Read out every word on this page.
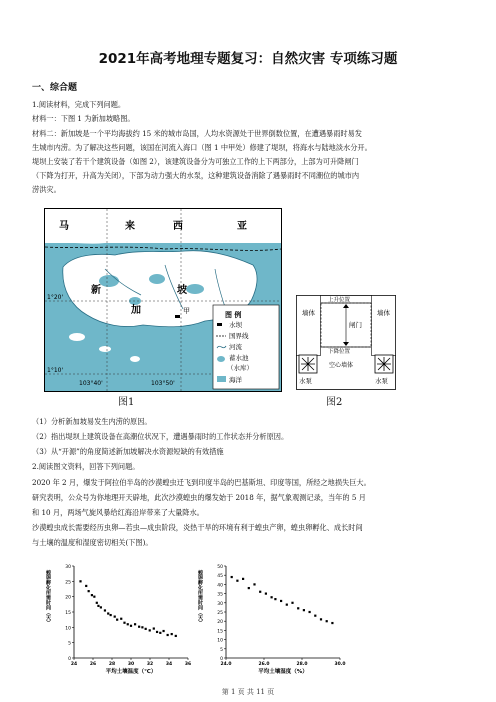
2021年高考地理专题复习：自然灾害 专项练习题
一、综合题
1.阅读材料，完成下列问题。
材料一：下图 1 为新加坡略图。
材料二：新加坡是一个平均海拔约 15 米的城市岛国，人均水资源处于世界倒数位置，在遭遇暴雨时易发
生城市内涝。为了解决这些问题，该国在河流入海口（图 1 中甲处）修建了堤坝，将海水与陆地淡水分开。
堤坝上安装了若干个建筑设备（如图 2），该建筑设备分为可独立工作的上下两部分，上部为可升降闸门
（下降为打开，升高为关闭），下部为动力强大的水泵，这种建筑设备消除了遇暴雨时不同潮位的城市内
涝洪灾。
马	来	西	亚
新
加
坡
甲
1°20'
1°10'
103°40'	103°50'
图 例
水坝
国界线
河流
蓄水池
（水库）
海洋
图1
墙体	墙体
上升位置
闸门
下降位置
空心墙体
水泵	水泵
图2
（1）分析新加坡易发生内涝的原因。
（2）指出堤坝上建筑设备在高潮位状况下，遭遇暴雨时的工作状态并分析原因。
（3）从“开源”的角度简述新加坡解决水资源短缺的有效措施
2.阅读图文资料，回答下列问题。
2020 年 2 月，爆发于阿拉伯半岛的沙漠蝗虫迁飞到印度半岛的巴基斯坦、印度等国，所经之地损失巨大。
研究表明，公众号为你地理开天辟地，此次沙漠蝗虫的爆发始于 2018 年，据气象观测记录，当年的 5 月
和 10 月，两场气旋风暴给红海沿岸带来了大量降水。
沙漠蝗虫成长需要经历虫卵—若虫—成虫阶段，炎热干旱的环境有利于蝗虫产卵，蝗虫卵孵化、成长时间
与土壤的温度和湿度密切相关(下图)。
0
5
10
15
20
25
30
24	26	28	30	32	34	36
平均土壤温度（℃）
蝗卵孵化所需时间（天）
0
5
10
15
20
25
30
35
40
45
50
24.0	26.0	28.0	30.0
平均土壤湿度（%）
蝗卵孵化所需时间（天）
第 1 页 共 11 页
